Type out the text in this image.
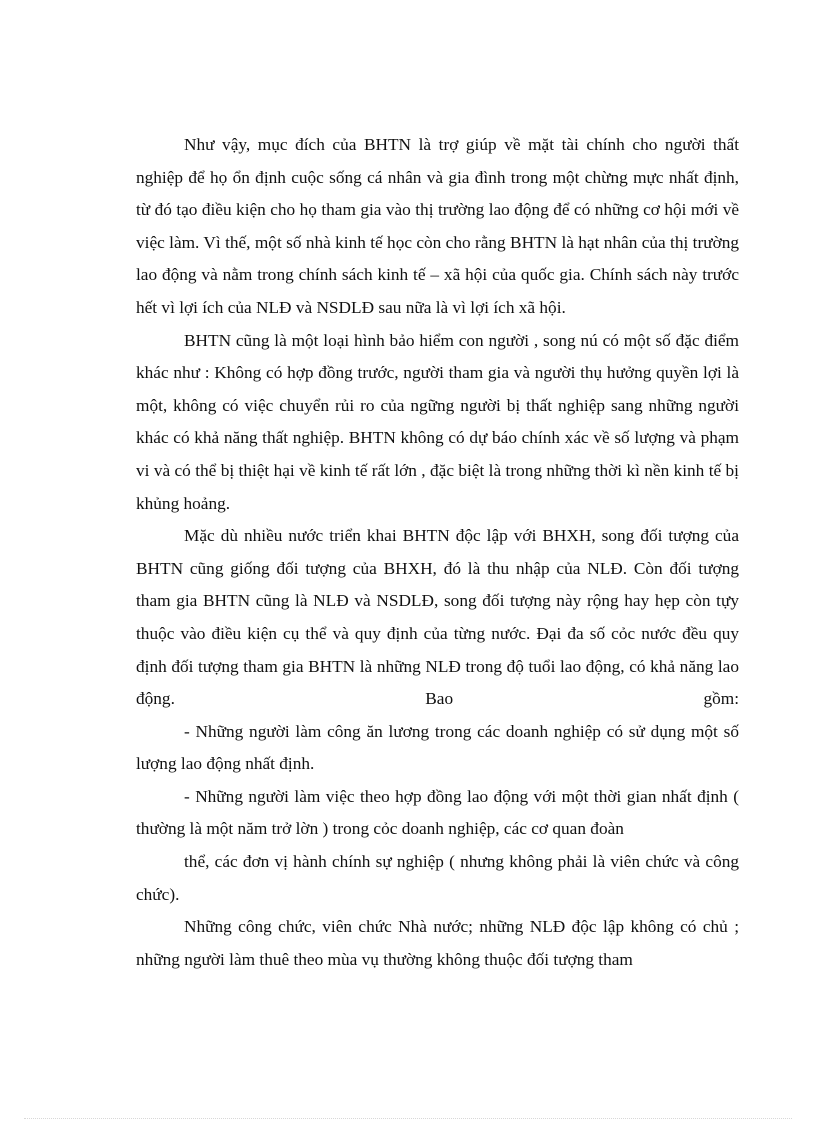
Như vậy, mục đích của BHTN là trợ giúp về mặt tài chính cho người thất nghiệp để họ ổn định cuộc sống cá nhân và gia đình trong một chừng mực nhất định, từ đó tạo điều kiện cho họ tham gia vào thị trường lao động để có những cơ hội mới về việc làm. Vì thế, một số nhà kinh tế học còn cho rằng BHTN là hạt nhân của thị trường lao động và nằm trong chính sách kinh tế – xã hội của quốc gia. Chính sách này trước hết vì lợi ích của NLĐ và NSDLĐ sau nữa là vì lợi ích xã hội.

BHTN cũng là một loại hình bảo hiểm con người , song nú có một số đặc điểm khác như : Không có hợp đồng trước, người tham gia và người thụ hưởng quyền lợi là một, không có việc chuyển rủi ro của ngững người bị thất nghiệp sang những người khác có khả năng thất nghiệp. BHTN không có dự báo chính xác về số lượng và phạm vi và có thể bị thiệt hại về kinh tế rất lớn , đặc biệt là trong những thời kì nền kinh tế bị khủng hoảng.

Mặc dù nhiều nước triển khai BHTN độc lập với BHXH, song đối tượng của BHTN cũng giống đối tượng của BHXH, đó là thu nhập của NLĐ. Còn đối tượng tham gia BHTN cũng là NLĐ và NSDLĐ, song đối tượng này rộng hay hẹp còn tựy thuộc vào điều kiện cụ thể và quy định của từng nước. Đại đa số cỏc nước đều quy định đối tượng tham gia BHTN là những NLĐ trong độ tuổi lao động, có khả năng lao động. Bao gồm:

- Những người làm công ăn lương trong các doanh nghiệp có sử dụng một số lượng lao động nhất định.

- Những người làm việc theo hợp đồng lao động với một thời gian nhất định ( thường là một năm trở lờn ) trong cỏc doanh nghiệp, các cơ quan đoàn

thể, các đơn vị hành chính sự nghiệp ( nhưng không phải là viên chức và công chức).

Những công chức, viên chức Nhà nước; những NLĐ độc lập không có chủ ; những người làm thuê theo mùa vụ thường không thuộc đối tượng tham
